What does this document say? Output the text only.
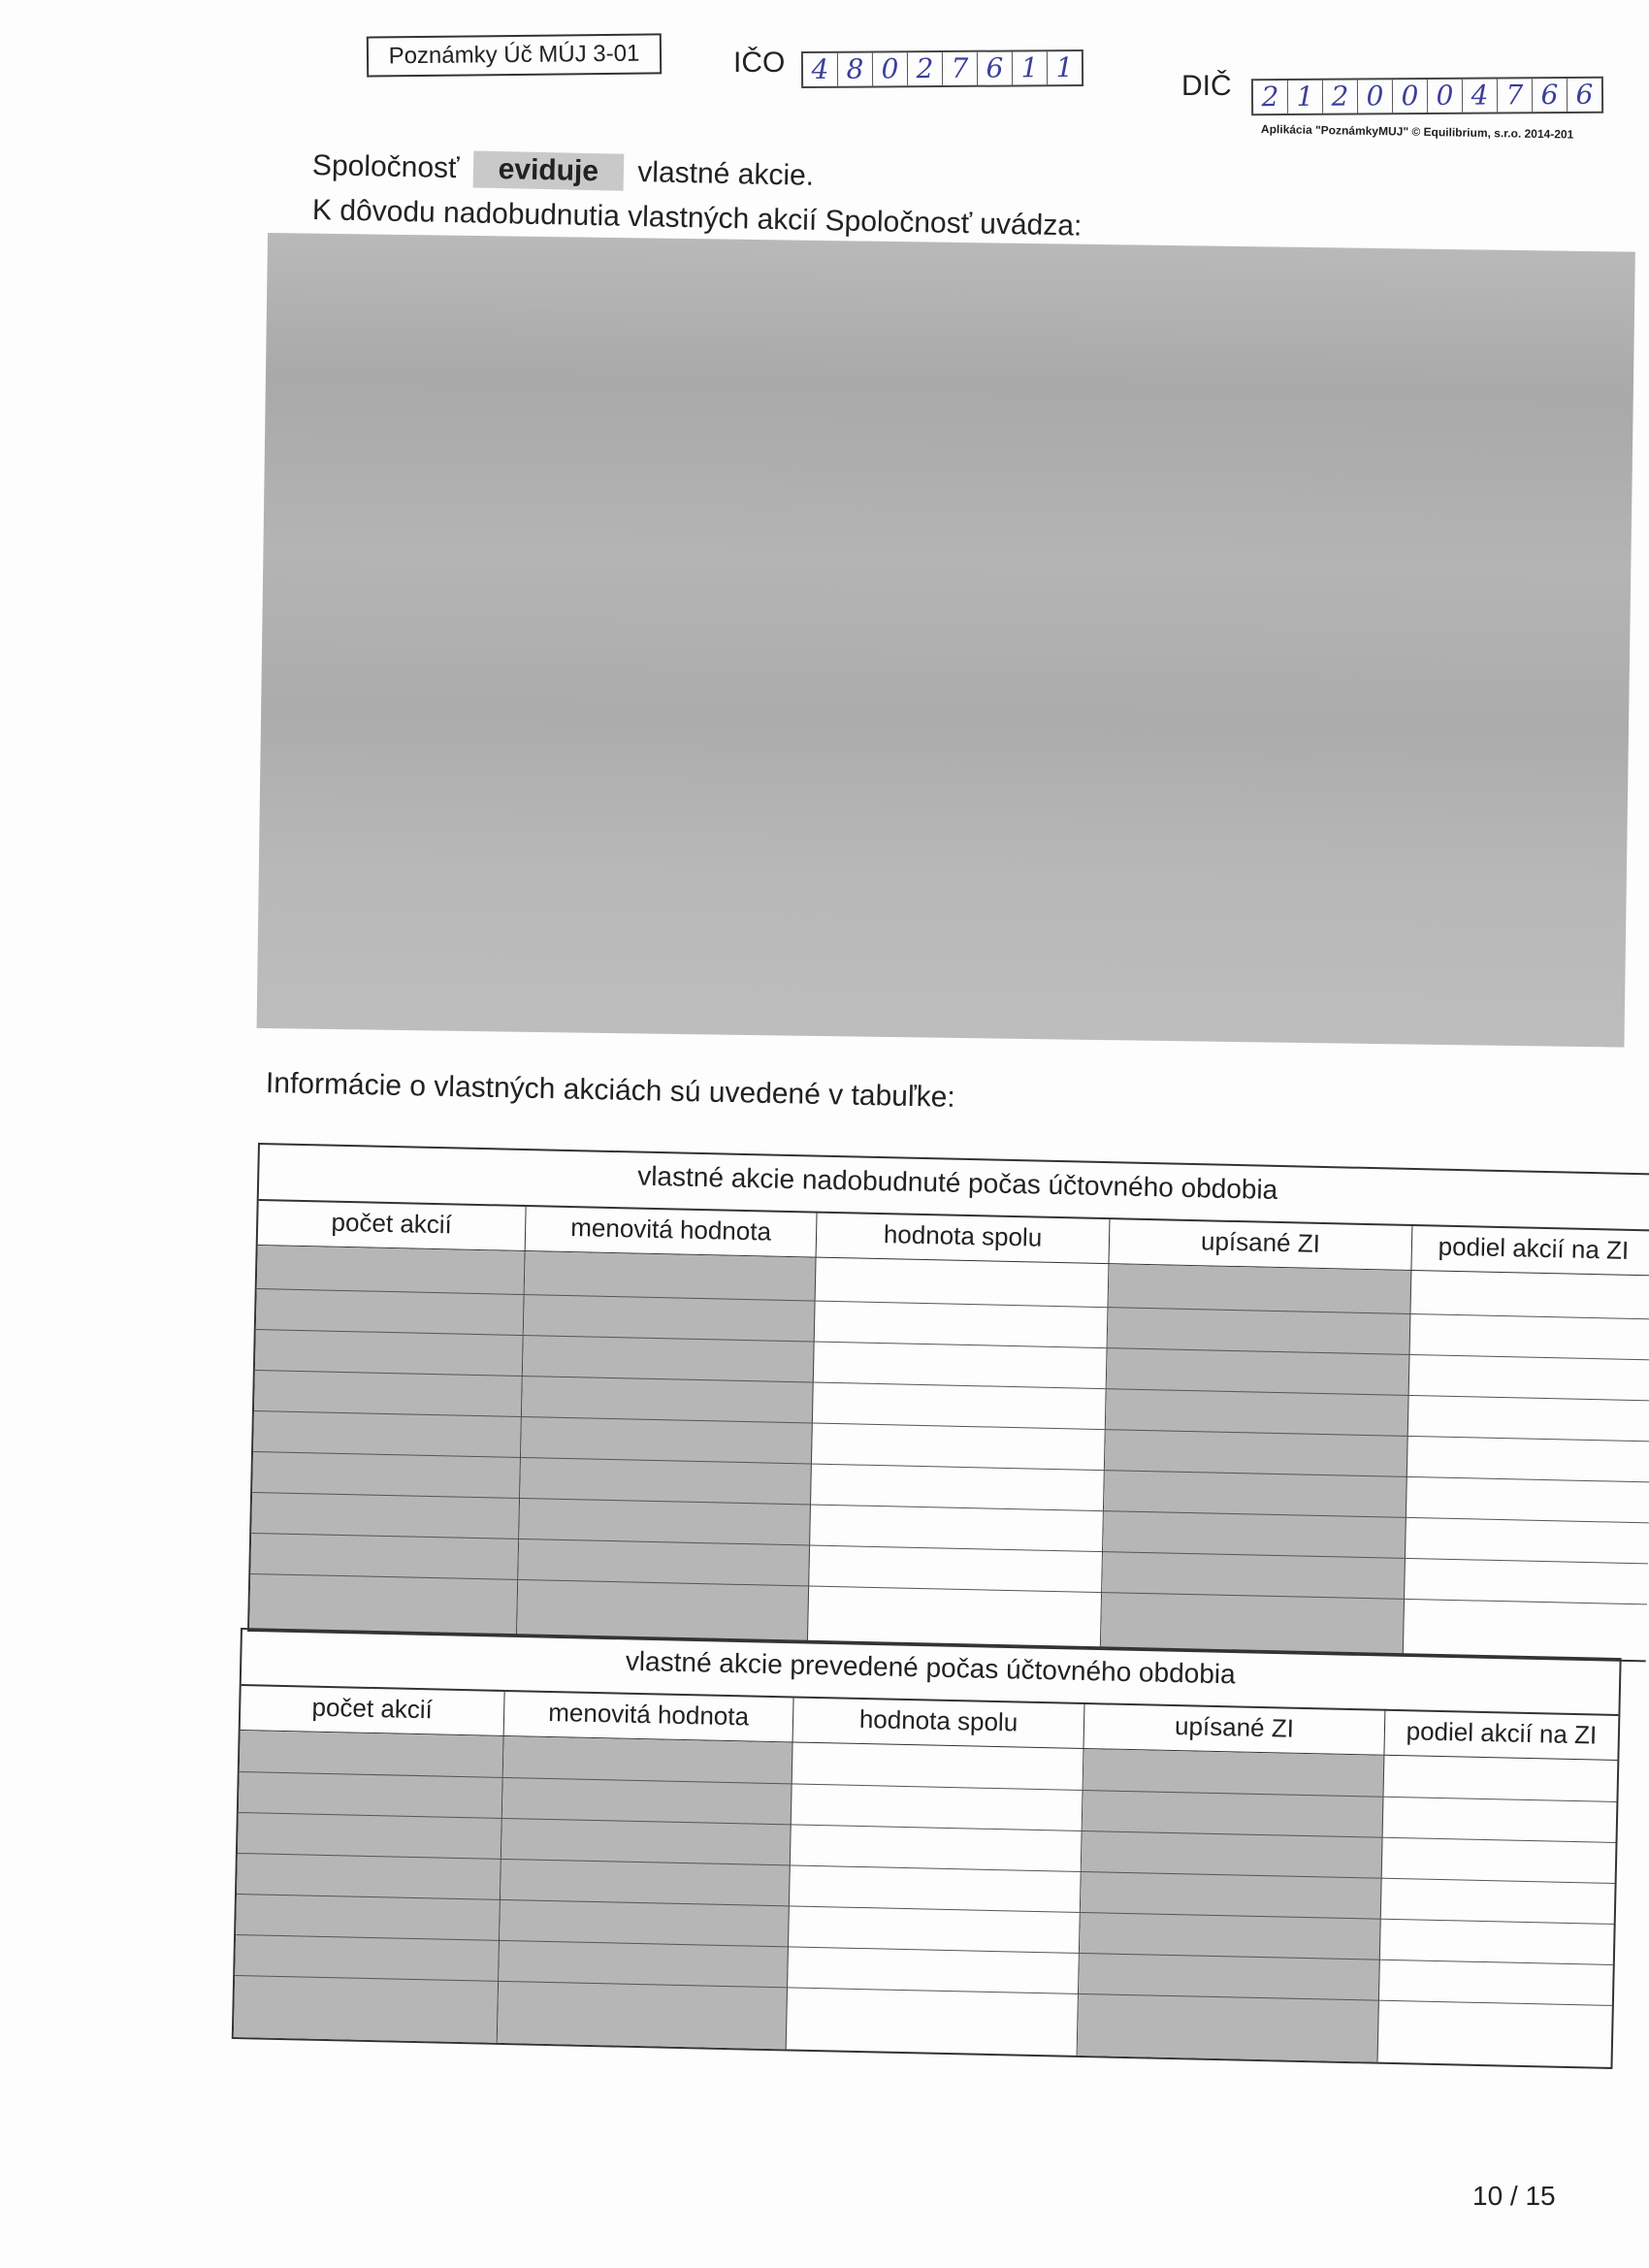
Poznámky Úč MÚJ 3-01	IČO 4 8 0 2 7 6 1 1
DIČ	2 1 2 0 0 0 4 7 6 6
Aplikácia "PoznámkyMUJ" © Equilibrium, s.r.o. 2014-201
Spoločnosť eviduje vlastné akcie.
K dôvodu nadobudnutia vlastných akcií Spoločnosť uvádza:
Informácie o vlastných akciách sú uvedené v tabuľke:
vlastné akcie nadobudnuté počas účtovného obdobia
počet akcií	menovitá hodnota	hodnota spolu	upísané ZI	podiel akcií na ZI
vlastné akcie prevedené počas účtovného obdobia
počet akcií	menovitá hodnota	hodnota spolu	upísané ZI	podiel akcií na ZI
10 / 15
